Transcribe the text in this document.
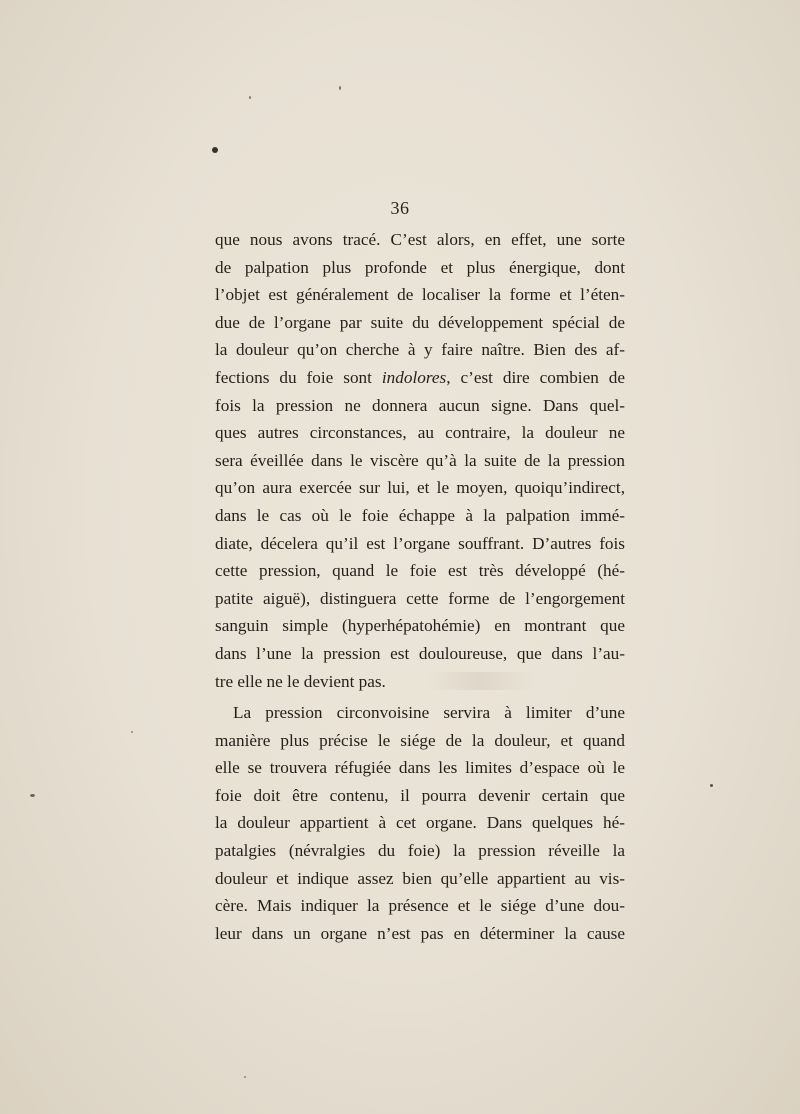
36
que nous avons tracé. C’est alors, en effet, une sorte
de palpation plus profonde et plus énergique, dont
l’objet est généralement de localiser la forme et l’éten-
due de l’organe par suite du développement spécial de
la douleur qu’on cherche à y faire naître. Bien des af-
fections du foie sont indolores, c’est dire combien de
fois la pression ne donnera aucun signe. Dans quel-
ques autres circonstances, au contraire, la douleur ne
sera éveillée dans le viscère qu’à la suite de la pression
qu’on aura exercée sur lui, et le moyen, quoiqu’indirect,
dans le cas où le foie échappe à la palpation immé-
diate, décelera qu’il est l’organe souffrant. D’autres fois
cette pression, quand le foie est très développé (hé-
patite aiguë), distinguera cette forme de l’engorgement
sanguin simple (hyperhépatohémie) en montrant que
dans l’une la pression est douloureuse, que dans l’au-
tre elle ne le devient pas.
La pression circonvoisine servira à limiter d’une
manière plus précise le siége de la douleur, et quand
elle se trouvera réfugiée dans les limites d’espace où le
foie doit être contenu, il pourra devenir certain que
la douleur appartient à cet organe. Dans quelques hé-
patalgies (névralgies du foie) la pression réveille la
douleur et indique assez bien qu’elle appartient au vis-
cère. Mais indiquer la présence et le siége d’une dou-
leur dans un organe n’est pas en déterminer la cause
